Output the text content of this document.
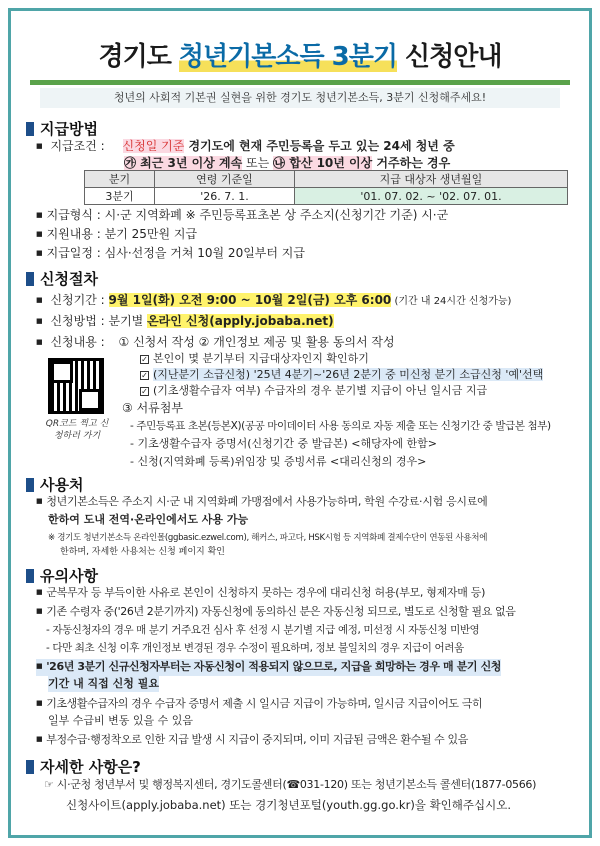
경기도 청년기본소득 3분기 신청안내
청년의 사회적 기본권 실현을 위한 경기도 청년기본소득, 3분기 신청해주세요!
지급방법
■ 지급조건 : 신청일 기준 경기도에 현재 주민등록을 두고 있는 24세 청년 중
㉮ 최근 3년 이상 계속 또는 ㉯ 합산 10년 이상 거주하는 경우
분기	연령 기준일	지급 대상자 생년월일
3분기	'26. 7. 1.	'01. 07. 02. ~ '02. 07. 01.
■ 지급형식 : 시·군 지역화폐 ※ 주민등록표초본 상 주소지(신청기간 기준) 시·군
■ 지원내용 : 분기 25만원 지급
■ 지급일정 : 심사·선정을 거쳐 10월 20일부터 지급
신청절차
■ 신청기간 : 9월 1일(화) 오전 9:00 ~ 10월 2일(금) 오후 6:00 (기간 내 24시간 신청가능)
■ 신청방법 : 분기별 온라인 신청(apply.jobaba.net)
■ 신청내용 : ① 신청서 작성 ② 개인정보 제공 및 활용 동의서 작성
✓ 본인이 몇 분기부터 지급대상자인지 확인하기
✓ (지난분기 소급신청) '25년 4분기~'26년 2분기 중 미신청 분기 소급신청 '예'선택
✓ (기초생활수급자 여부) 수급자의 경우 분기별 지급이 아닌 일시금 지급
③ 서류첨부
- 주민등록표 초본(등본X)(공공 마이데이터 사용 동의로 자동 제출 또는 신청기간 중 발급본 첨부)
- 기초생활수급자 증명서(신청기간 중 발급본) <해당자에 한함>
- 신청(지역화폐 등록)위임장 및 증빙서류 <대리신청의 경우>
QR코드 찍고 신청하러 가기
사용처
■ 청년기본소득은 주소지 시·군 내 지역화폐 가맹점에서 사용가능하며, 학원 수강료·시험 응시료에
한하여 도내 전역·온라인에서도 사용 가능
※ 경기도 청년기본소득 온라인몰(ggbasic.ezwel.com), 해커스, 파고다, HSK시험 등 지역화폐 결제수단이 연동된 사용처에
한하며, 자세한 사용처는 신청 페이지 확인
유의사항
■ 군복무자 등 부득이한 사유로 본인이 신청하지 못하는 경우에 대리신청 허용(부모, 형제자매 등)
■ 기존 수령자 중('26년 2분기까지) 자동신청에 동의하신 분은 자동신청 되므로, 별도로 신청할 필요 없음
- 자동신청자의 경우 매 분기 거주요건 심사 후 선정 시 분기별 지급 예정, 미선정 시 자동신청 미반영
- 다만 최초 신청 이후 개인정보 변경된 경우 수정이 필요하며, 정보 불일치의 경우 지급이 어려움
■ '26년 3분기 신규신청자부터는 자동신청이 적용되지 않으므로, 지급을 희망하는 경우 매 분기 신청
기간 내 직접 신청 필요
■ 기초생활수급자의 경우 수급자 증명서 제출 시 일시금 지급이 가능하며, 일시금 지급이어도 극히
일부 수급비 변동 있을 수 있음
■ 부정수급·행정착오로 인한 지급 발생 시 지급이 중지되며, 이미 지급된 금액은 환수될 수 있음
자세한 사항은?
☞ 시·군청 청년부서 및 행정복지센터, 경기도콜센터(☎031-120) 또는 청년기본소득 콜센터(1877-0566)
신청사이트(apply.jobaba.net) 또는 경기청년포털(youth.gg.go.kr)을 확인해주십시오.
